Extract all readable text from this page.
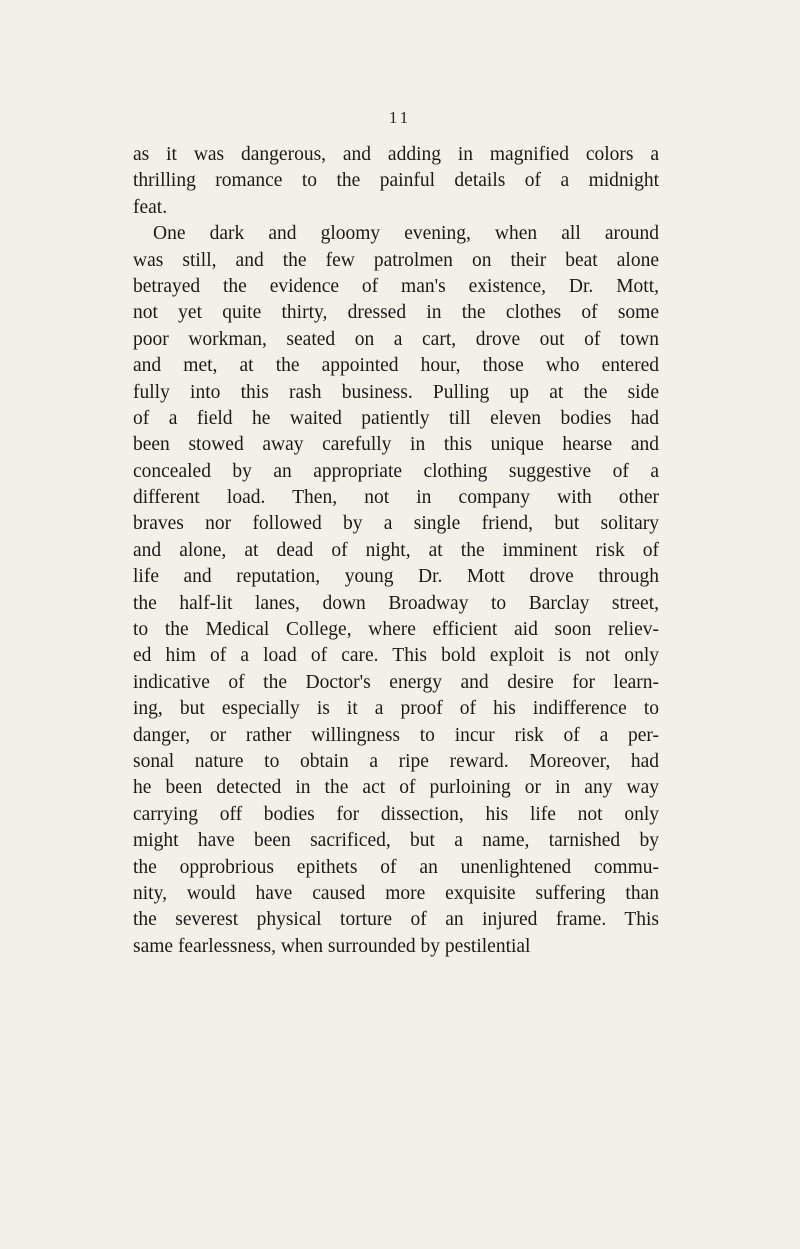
11
as it was dangerous, and adding in magnified colors a
thrilling romance to the painful details of a midnight
feat.
One dark and gloomy evening, when all around
was still, and the few patrolmen on their beat alone
betrayed the evidence of man's existence, Dr. Mott,
not yet quite thirty, dressed in the clothes of some
poor workman, seated on a cart, drove out of town
and met, at the appointed hour, those who entered
fully into this rash business. Pulling up at the side
of a field he waited patiently till eleven bodies had
been stowed away carefully in this unique hearse and
concealed by an appropriate clothing suggestive of a
different load. Then, not in company with other
braves nor followed by a single friend, but solitary
and alone, at dead of night, at the imminent risk of
life and reputation, young Dr. Mott drove through
the half-lit lanes, down Broadway to Barclay street,
to the Medical College, where efficient aid soon reliev-
ed him of a load of care. This bold exploit is not only
indicative of the Doctor's energy and desire for learn-
ing, but especially is it a proof of his indifference to
danger, or rather willingness to incur risk of a per-
sonal nature to obtain a ripe reward. Moreover, had
he been detected in the act of purloining or in any way
carrying off bodies for dissection, his life not only
might have been sacrificed, but a name, tarnished by
the opprobrious epithets of an unenlightened commu-
nity, would have caused more exquisite suffering than
the severest physical torture of an injured frame. This
same fearlessness, when surrounded by pestilential
